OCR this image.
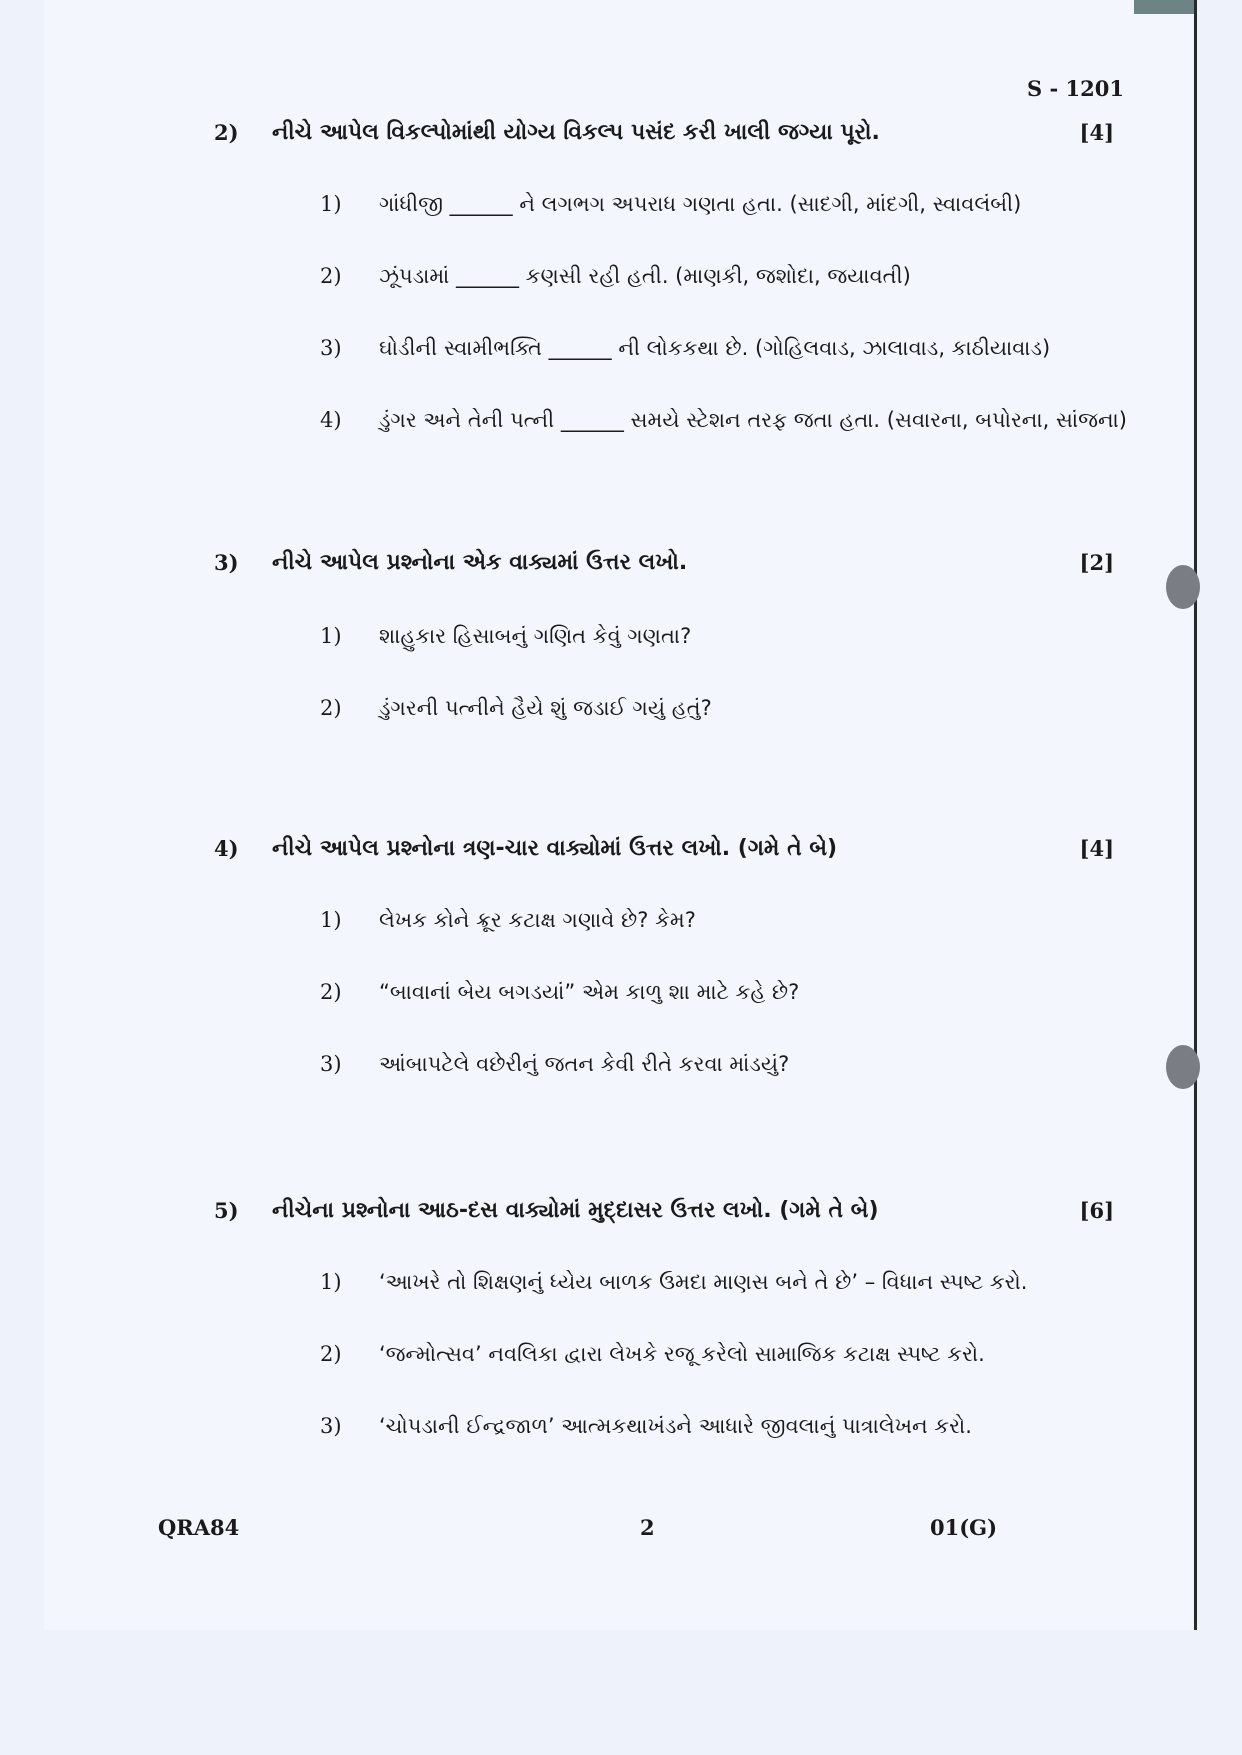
S - 1201
2) નીચે આપેલ વિકલ્પોમાંથી યોગ્ય વિકલ્પ પસંદ કરી ખાલી જગ્યા પૂરો.	[4]
1) ગાંધીજી ______ ને લગભગ અપરાધ ગણતા હતા. (સાદગી, માંદગી, સ્વાવલંબી)
2) ઝૂંપડામાં ______ કણસી રહી હતી. (માણકી, જશોદા, જયાવતી)
3) ઘોડીની સ્વામીભક્તિ ______ ની લોકકથા છે. (ગોહિલવાડ, ઝાલાવાડ, કાઠીયાવાડ)
4) ડુંગર અને તેની પત્ની ______ સમયે સ્ટેશન તરફ જતા હતા. (સવારના, બપોરના, સાંજના)
3) નીચે આપેલ પ્રશ્નોના એક વાક્યમાં ઉત્તર લખો.	[2]
1) શાહુકાર હિસાબનું ગણિત કેવું ગણતા?
2) ડુંગરની પત્નીને હૈયે શું જડાઈ ગયું હતું?
4) નીચે આપેલ પ્રશ્નોના ત્રણ-ચાર વાક્યોમાં ઉત્તર લખો. (ગમે તે બે)	[4]
1) લેખક કોને ક્રૂર કટાક્ષ ગણાવે છે? કેમ?
2) “બાવાનાં બેય બગડયાં” એમ કાળુ શા માટે કહે છે?
3) આંબાપટેલે વછેરીનું જતન કેવી રીતે કરવા માંડયું?
5) નીચેના પ્રશ્નોના આઠ-દસ વાક્યોમાં મુદ્દાસર ઉત્તર લખો. (ગમે તે બે)	[6]
1) ‘આખરે તો શિક્ષણનું ધ્યેય બાળક ઉમદા માણસ બને તે છે’ – વિધાન સ્પષ્ટ કરો.
2) ‘જન્મોત્સવ’ નવલિકા દ્વારા લેખકે રજૂ કરેલો સામાજિક કટાક્ષ સ્પષ્ટ કરો.
3) ‘ચોપડાની ઈન્દ્રજાળ’ આત્મકથાખંડને આધારે જીવલાનું પાત્રાલેખન કરો.
QRA84	2	01(G)
